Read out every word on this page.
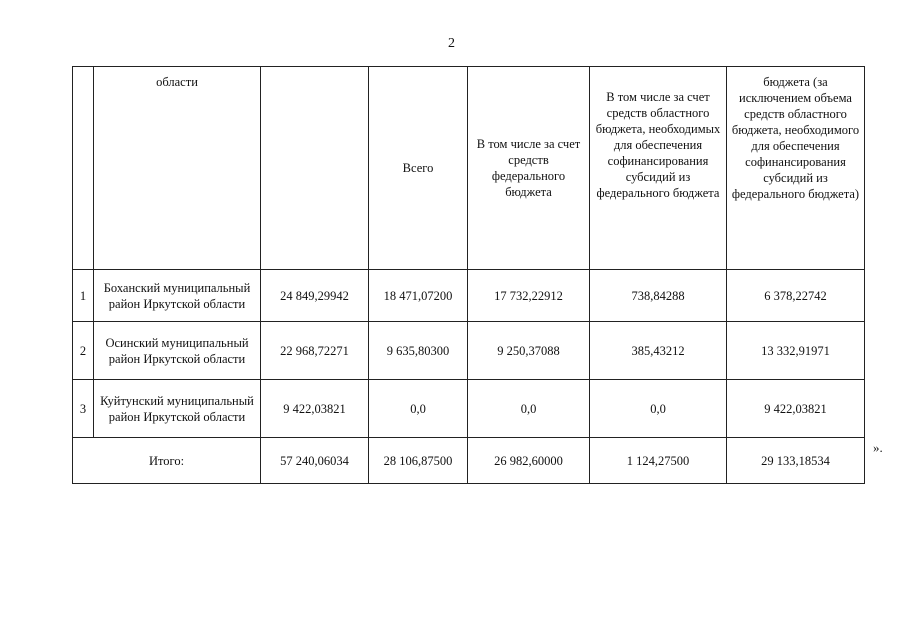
2
	области		Всего	В том числе за счет средств федерального бюджета	В том числе за счет средств областного бюджета, необходимых для обеспечения софинансирования субсидий из федерального бюджета	бюджета (за исключением объема средств областного бюджета, необходимого для обеспечения софинансирования субсидий из федерального бюджета)
1	Боханский муниципальный район Иркутской области	24 849,29942	18 471,07200	17 732,22912	738,84288	6 378,22742
2	Осинский муниципальный район Иркутской области	22 968,72271	9 635,80300	9 250,37088	385,43212	13 332,91971
3	Куйтунский муниципальный район Иркутской области	9 422,03821	0,0	0,0	0,0	9 422,03821
Итого:		57 240,06034	28 106,87500	26 982,60000	1 124,27500	29 133,18534
».
